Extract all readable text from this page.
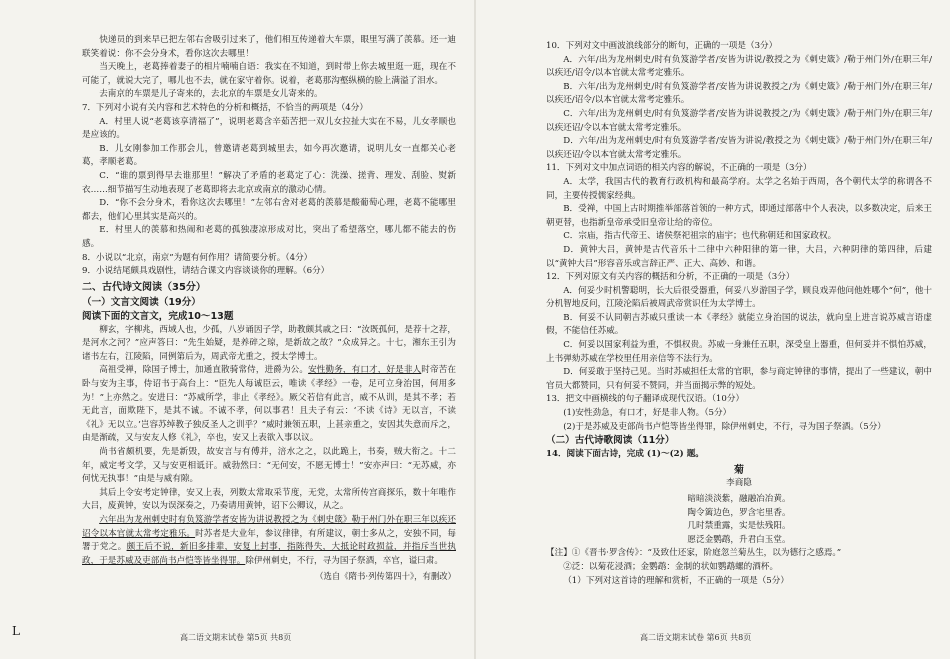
快递员的到来早已把左邻右舍吸引过来了，他们相互传递着大车票，眼里写满了羡慕。还一迪联笑着说：你不会分身术，看你这次去哪里！

当天晚上，老葛捧着妻子的相片喃喃自语：我实在不知道，到时带上你去城里逛一逛，现在不可能了，就说大完了，哪儿也不去，就在家守着你。说着，老葛那沟壑纵横的脸上满溢了泪水。

去南京的车票是儿子寄来的，去北京的车票是女儿寄来的。

7．下列对小说有关内容和艺术特色的分析和概括，不恰当的两项是（4分）

A．村里人说“老葛该享清福了”，说明老葛含辛茹苦把一双儿女拉扯大实在不易，儿女孝顺也是应该的。

B．儿女刚参加工作那会儿，曾邀请老葛到城里去，如今再次邀请，说明儿女一直都关心老葛，孝顺老葛。

C．“谁的票到得早去谁那里！”解决了矛盾的老葛定了心：洗澡、搓背、理发、刮脸、熨新衣……细节描写生动地表现了老葛即将去北京或南京的激动心情。

D．“你不会分身术，看你这次去哪里！”左邻右舍对老葛的羡慕是酸葡萄心理，老葛不能哪里都去，他们心里其实是高兴的。

E．村里人的羡慕和热闹和老葛的孤独凄凉形成对比，突出了希望落空，哪儿都不能去的伤感。

8．小说以“北京，南京”为题有何作用？请简要分析。（4分）

9．小说结尾颇具戏剧性，请结合课文内容谈谈你的理解。（6分）

二、古代诗文阅读（35分）

（一）文言文阅读（19分）

阅读下面的文言文，完成10～13题

柳玄，字柳兆，西域人也，少孤，八岁诵因子学，助教颇其戚之曰：“汝既孤何，是荐十之荐，是河水之河？”应声答曰：“先生始疑，是养碎之琼，是新故之故？”众成异之。十七，湘东王引为诸书左右，江陵陷，同例第后为，周武帝尤重之，授太学博士。

高祖受禅，除国子博士，加通直散骑常侍，进爵为公。安性勤务，有口才，好是非人时帝苦在卧与安为主事，侍诏书于高台上：“臣先人每诚臣云，唯读《孝经》一卷，足可立身治国，何用多为！”上亦然之。安进曰：“苏威所学，非止《孝经》。厥父若信有此言，威不从训，是其不孝；若无此言，面欺陛下，是其不诚。不诚不孝，何以事君！且夫子有云：‘不读《诗》无以言，不读《礼》无以立。’岂容苏绰教子独反圣人之训乎？”威时兼领五职，上甚亲重之，安因其失意而斥之，由是渐疏，又与安友人修《礼》，卒也，安又上表欲入事以议。

尚书省颇机要，先是新毁，故安言与有傅并，涪水之之，以此跪上，书奏，贼大衔之。十二年，威定考文学，又与安更相诋讦。威勃然曰：“无何安，不愿无博士！”安亦声曰：“无苏威，亦何忧无执事！”由是与威有隙。

其后上令安考定钟律，安又上表，列数太常取采节度，无党，太常所传宫商探乐，数十年唯作大吕，废黄钟，安以为误深奏之，乃奏请用黄钟，诏下公卿议，从之。

六年出为龙州刺史时有负笈游学者安皆为讲说教授之为《刺史箴》勒于州门外在职三年以疾还诏令以本官就太常考定雅乐。时苏者是大业年，参议律律，有所建议，朝士多从之，安独不同，每署于党之。颇王后不说，新旧多排辈，安复上封事，指陈得失，大抵论时政损益，并指斥当世执政，于是苏威及吏部尚书卢恺等皆坐得罪。除伊州刺史，不行，寻为国子祭酒，卒官，谥曰肃。

（选自《隋书·列传第四十》，有删改）

高二语文期末试卷 第5页 共8页

10．下列对文中画波浪线部分的断句，正确的一项是（3分）

A．六年/出为龙州刺史/时有负笈游学者/安皆为讲说/教授之为《刺史箴》/勒于州门外/在职三年/以疾还/诏令/以本官就太常考定雅乐。

B．六年/出为龙州刺史/时有负笈游学者/安皆为讲说教授之/为《刺史箴》/勒于州门外/在职三年/以疾还/诏令/以本官就太常考定雅乐。

C．六年/出为龙州刺史/时有负笈游学者/安皆为讲说教授之/为《刺史箴》/勒于州门外/在职三年/以疾还诏/令以本官就太常考定雅乐。

D．六年/出为龙州刺史/时有负笈游学者/安皆为讲说/教授之为《刺史箴》/勒于州门外/在职三年/以疾还诏/令以本官就太常考定雅乐。

11．下列对文中加点词语的相关内容的解说，不正确的一项是（3分）

A．太学，我国古代的教育行政机构和最高学府。太学之名始于西周，各个朝代太学的称谓各不同，主要传授儒家经典。

B．受禅，中国上古时期推举部落首领的一种方式，即通过部落中个人表决，以多数决定，后来王朝更替，也指新皇帝承受旧皇帝让给的帝位。

C．宗庙，指古代帝王、诸侯祭祀祖宗的庙宇；也代称朝廷和国家政权。

D．黄钟大吕，黄钟是古代音乐十二律中六种阳律的第一律，大吕，六种阴律的第四律，后建以“黄钟大吕”形容音乐或言辞正严、正大、高妙、和谐。

12．下列对原文有关内容的概括和分析，不正确的一项是（3分）

A．何妥少时机警聪明，长大后很受器重，何妥八岁游国子学，顾良戏弄他问他姓哪个“何”，他十分机智地反问，江陵沦陷后被周武帝赏识任为太学博士。

B．何妥不认同朝吉苏威只重读一本《孝经》就能立身治国的说法，就向皇上进言说苏威言语虚假，不能信任苏威。

C．何妥以国家利益为重，不惧权贵。苏威一身兼任五职，深受皇上器重，但何妥并不惧怕苏威，上书弹劾苏威在学校里任用亲信等不法行为。

D．何妥敢于坚持己见。当时苏威担任太常的官职，参与商定钟律的事情，提出了一些建议，朝中官员大都赞同，只有何妥不赞同，并当面揭示弊的短处。

13．把文中画横线的句子翻译成现代汉语。（10分）

(1)安性劲急，有口才，好是非人物。（5分）

(2)于是苏威及吏部尚书卢恺等皆坐得罪，除伊州刺史，不行，寻为国子祭酒。（5分）

（二）古代诗歌阅读（11分）

14．阅读下面古诗，完成 (1)～(2) 题。

菊

李商隐

暗暗淡淡紫，融融冶冶黄。

陶令篱边色，罗含宅里香。

几时禁重露，实是怯残阳。

愿泛金鹦鹉，升君白玉堂。

【注】①《晋书·罗含传》：“及致仕还家，阶庭忽兰菊丛生，以为德行之感焉。”

②泛：以菊花浸酒；金鹦鹉：金制的状如鹦鹉螺的酒杯。

（1）下列对这首诗的理解和赏析，不正确的一项是（5分）

高二语文期末试卷 第6页 共8页
L
